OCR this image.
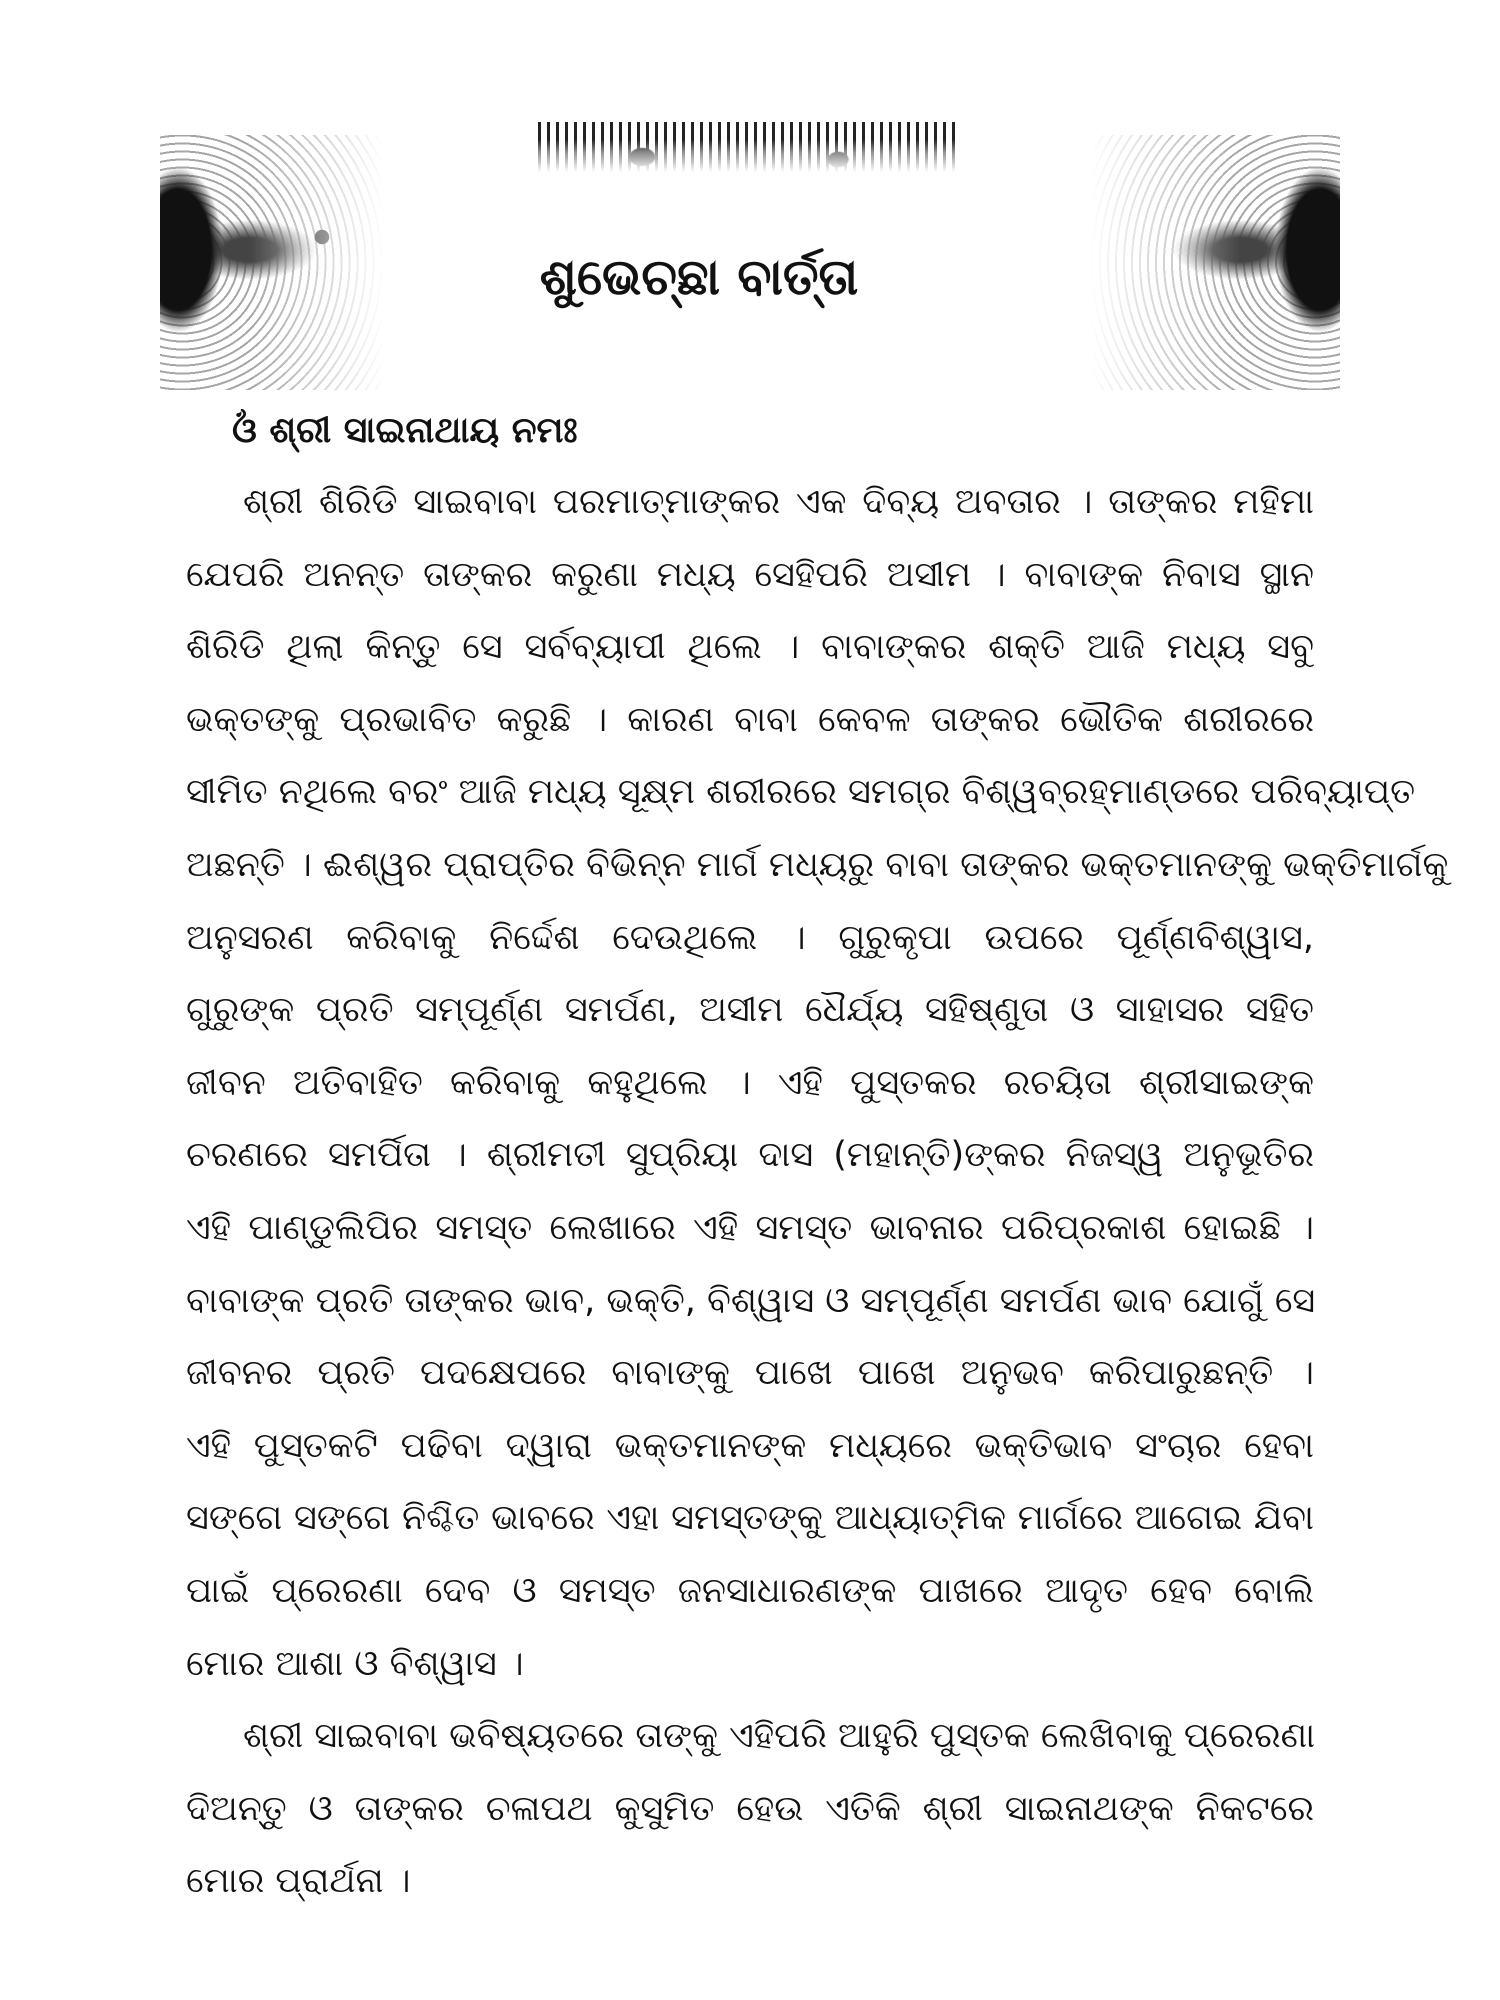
ଶୁଭେଚ୍ଛା ବାର୍ତ୍ତା
ଓଁ ଶ୍ରୀ ସାଇନାଥାୟ ନମଃ
ଶ୍ରୀ ଶିରିଡି ସାଇବାବା ପରମାତ୍ମାଙ୍କର ଏକ ଦିବ୍ୟ ଅବତାର । ତାଙ୍କର ମହିମା
ଯେପରି ଅନନ୍ତ ତାଙ୍କର କରୁଣା ମଧ୍ୟ ସେହିପରି ଅସୀମ । ବାବାଙ୍କ ନିବାସ ସ୍ଥାନ
ଶିରିଡି ଥିଲା କିନ୍ତୁ ସେ ସର୍ବବ୍ୟାପୀ ଥିଲେ । ବାବାଙ୍କର ଶକ୍ତି ଆଜି ମଧ୍ୟ ସବୁ
ଭକ୍ତଙ୍କୁ ପ୍ରଭାବିତ କରୁଛି । କାରଣ ବାବା କେବଳ ତାଙ୍କର ଭୌତିକ ଶରୀରରେ
ସୀମିତ ନଥିଲେ ବରଂ ଆଜି ମଧ୍ୟ ସୂକ୍ଷ୍ମ ଶରୀରରେ ସମଗ୍ର ବିଶ୍ୱବ୍ରହ୍ମାଣ୍ଡରେ ପରିବ୍ୟାପ୍ତ
ଅଛନ୍ତି । ଈଶ୍ୱର ପ୍ରାପ୍ତିର ବିଭିନ୍ନ ମାର୍ଗ ମଧ୍ୟରୁ ବାବା ତାଙ୍କର ଭକ୍ତମାନଙ୍କୁ ଭକ୍ତିମାର୍ଗକୁ
ଅନୁସରଣ କରିବାକୁ ନିର୍ଦ୍ଦେଶ ଦେଉଥିଲେ । ଗୁରୁକୃପା ଉପରେ ପୂର୍ଣ୍ଣବିଶ୍ୱାସ,
ଗୁରୁଙ୍କ ପ୍ରତି ସମ୍ପୂର୍ଣ୍ଣ ସମର୍ପଣ, ଅସୀମ ଧୈର୍ଯ୍ୟ ସହିଷ୍ଣୁତା ଓ ସାହାସର ସହିତ
ଜୀବନ ଅତିବାହିତ କରିବାକୁ କହୁଥିଲେ । ଏହି ପୁସ୍ତକର ରଚୟିତା ଶ୍ରୀସାଇଙ୍କ
ଚରଣରେ ସମର୍ପିତା । ଶ୍ରୀମତୀ ସୁପ୍ରିୟା ଦାସ (ମହାନ୍ତି)ଙ୍କର ନିଜସ୍ୱ ଅନୁଭୂତିର
ଏହି ପାଣ୍ଡୁଲିପିର ସମସ୍ତ ଲେଖାରେ ଏହି ସମସ୍ତ ଭାବନାର ପରିପ୍ରକାଶ ହୋଇଛି ।
ବାବାଙ୍କ ପ୍ରତି ତାଙ୍କର ଭାବ, ଭକ୍ତି, ବିଶ୍ୱାସ ଓ ସମ୍ପୂର୍ଣ୍ଣ ସମର୍ପଣ ଭାବ ଯୋଗୁଁ ସେ
ଜୀବନର ପ୍ରତି ପଦକ୍ଷେପରେ ବାବାଙ୍କୁ ପାଖେ ପାଖେ ଅନୁଭବ କରିପାରୁଛନ୍ତି ।
ଏହି ପୁସ୍ତକଟି ପଢିବା ଦ୍ୱାରା ଭକ୍ତମାନଙ୍କ ମଧ୍ୟରେ ଭକ୍ତିଭାବ ସଂଚାର ହେବା
ସଙ୍ଗେ ସଙ୍ଗେ ନିଶ୍ଚିତ ଭାବରେ ଏହା ସମସ୍ତଙ୍କୁ ଆଧ୍ୟାତ୍ମିକ ମାର୍ଗରେ ଆଗେଇ ଯିବା
ପାଇଁ ପ୍ରେରଣା ଦେବ ଓ ସମସ୍ତ ଜନସାଧାରଣଙ୍କ ପାଖରେ ଆଦୃତ ହେବ ବୋଲି
ମୋର ଆଶା ଓ ବିଶ୍ୱାସ ।
ଶ୍ରୀ ସାଇବାବା ଭବିଷ୍ୟତରେ ତାଙ୍କୁ ଏହିପରି ଆହୁରି ପୁସ୍ତକ ଲେଖିବାକୁ ପ୍ରେରଣା
ଦିଅନ୍ତୁ ଓ ତାଙ୍କର ଚଳାପଥ କୁସୁମିତ ହେଉ ଏତିକି ଶ୍ରୀ ସାଇନାଥଙ୍କ ନିକଟରେ
ମୋର ପ୍ରାର୍ଥନା ।
